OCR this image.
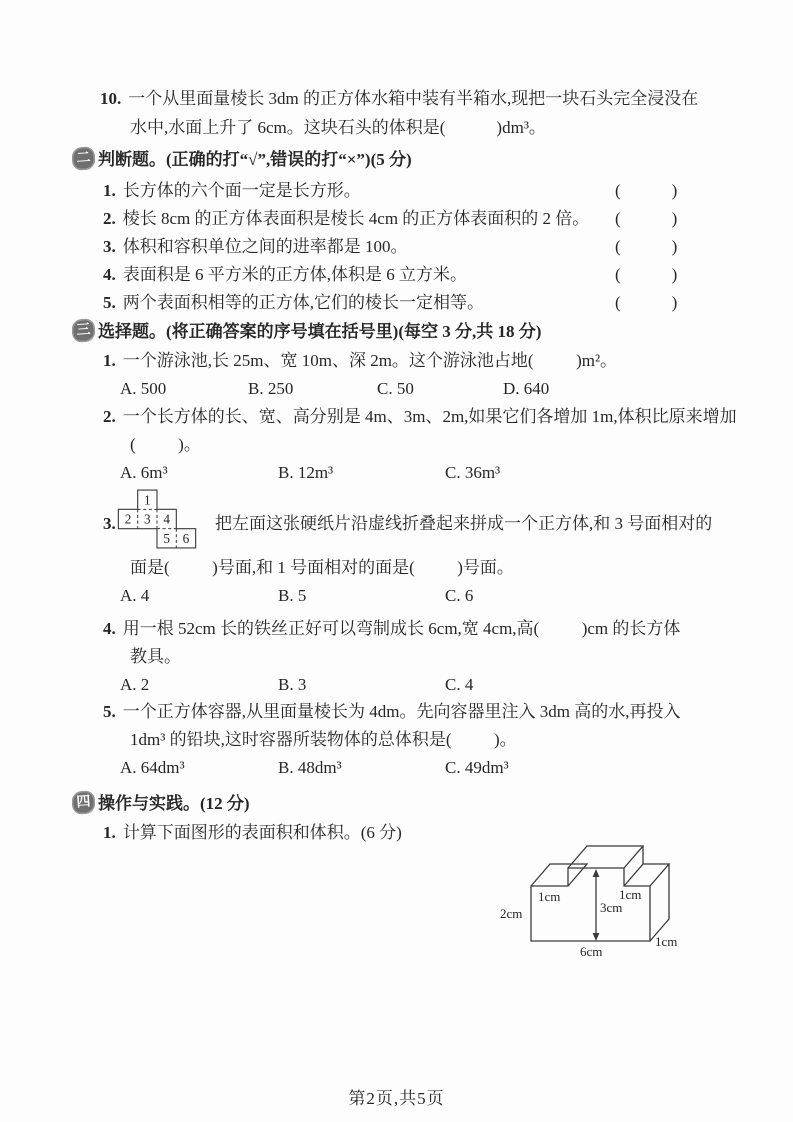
10. 一个从里面量棱长 3dm 的正方体水箱中装有半箱水,现把一块石头完全浸没在
水中,水面上升了 6cm。这块石头的体积是(            )dm³。
二 判断题。(正确的打“√”,错误的打“×”)(5 分)
1. 长方体的六个面一定是长方形。	(            )
2. 棱长 8cm 的正方体表面积是棱长 4cm 的正方体表面积的 2 倍。 (            )
3. 体积和容积单位之间的进率都是 100。	(            )
4. 表面积是 6 平方米的正方体,体积是 6 立方米。	(            )
5. 两个表面积相等的正方体,它们的棱长一定相等。	(            )
三 选择题。(将正确答案的序号填在括号里)(每空 3 分,共 18 分)
1. 一个游泳池,长 25m、宽 10m、深 2m。这个游泳池占地(          )m²。
A. 500	B. 250	C. 50	D. 640
2. 一个长方体的长、宽、高分别是 4m、3m、2m,如果它们各增加 1m,体积比原来增加
(          )。
A. 6m³	B. 12m³	C. 36m³
3.
1
2 3 4
5 6
把左面这张硬纸片沿虚线折叠起来拼成一个正方体,和 3 号面相对的
面是(          )号面,和 1 号面相对的面是(          )号面。
A. 4	B. 5	C. 6
4. 用一根 52cm 长的铁丝正好可以弯制成长 6cm,宽 4cm,高(          )cm 的长方体
教具。
A. 2	B. 3	C. 4
5. 一个正方体容器,从里面量棱长为 4dm。先向容器里注入 3dm 高的水,再投入
1dm³ 的铅块,这时容器所装物体的总体积是(          )。
A. 64dm³	B. 48dm³	C. 49dm³
四 操作与实践。(12 分)
1. 计算下面图形的表面积和体积。(6 分)
2cm
1cm
3cm
1cm
6cm
1cm
第2页,共5页
